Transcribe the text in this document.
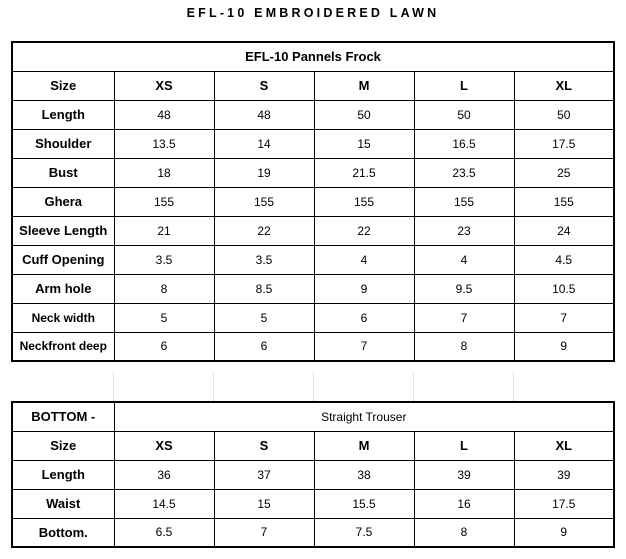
EFL-10 EMBROIDERED LAWN
EFL-10 Pannels Frock					
Size	XS	S	M	L	XL
Length	48	48	50	50	50
Shoulder	13.5	14	15	16.5	17.5
Bust	18	19	21.5	23.5	25
Ghera	155	155	155	155	155
Sleeve Length	21	22	22	23	24
Cuff Opening	3.5	3.5	4	4	4.5
Arm hole	8	8.5	9	9.5	10.5
Neck width	5	5	6	7	7
Neckfront deep	6	6	7	8	9
BOTTOM -	Straight Trouser				
Size	XS	S	M	L	XL
Length	36	37	38	39	39
Waist	14.5	15	15.5	16	17.5
Bottom.	6.5	7	7.5	8	9
